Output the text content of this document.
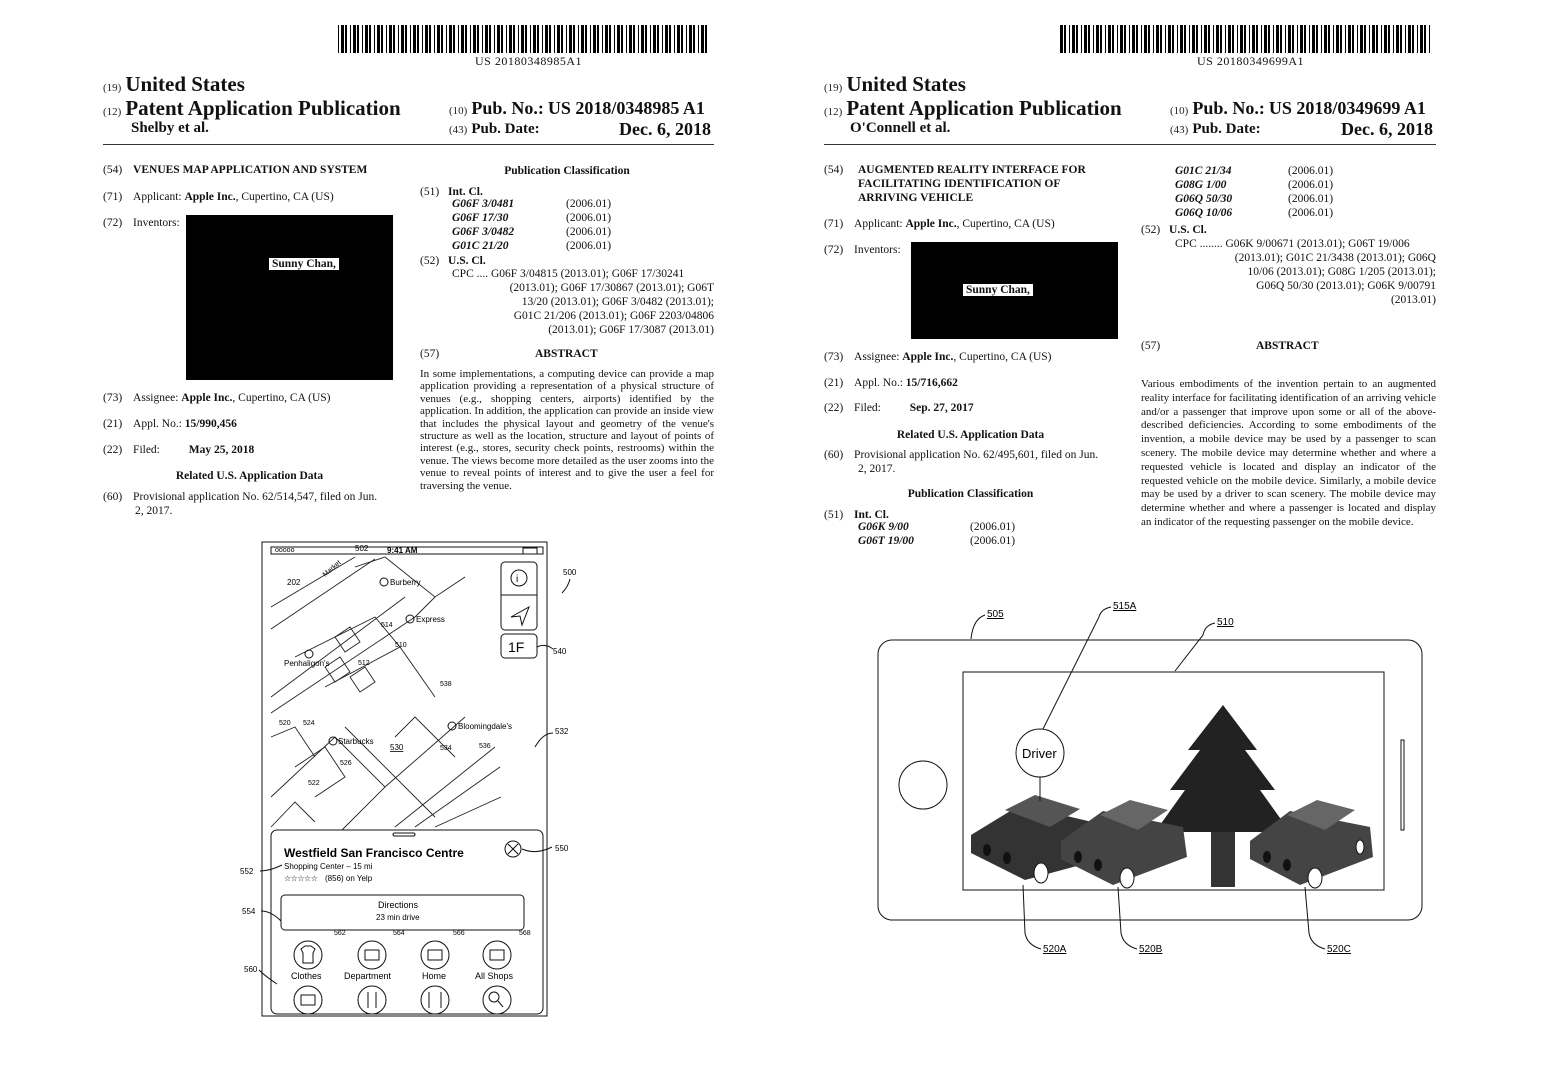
US 20180348985A1
(19) United States
(12) Patent Application Publication	(10) Pub. No.: US 2018/0348985 A1
Shelby et al.	(43) Pub. Date:	Dec. 6, 2018
(54) VENUES MAP APPLICATION AND SYSTEM
(71) Applicant: Apple Inc., Cupertino, CA (US)
(72) Inventors:
Sunny Chan,
(73) Assignee: Apple Inc., Cupertino, CA (US)
(21) Appl. No.: 15/990,456
(22) Filed:	May 25, 2018
Related U.S. Application Data
(60) Provisional application No. 62/514,547, filed on Jun.
2, 2017.
Publication Classification
(51) Int. Cl.
G06F 3/0481	(2006.01)
G06F 17/30	(2006.01)
G06F 3/0482	(2006.01)
G01C 21/20	(2006.01)
(52) U.S. Cl.
CPC .... G06F 3/04815 (2013.01); G06F 17/30241
(2013.01); G06F 17/30867 (2013.01); G06T
13/20 (2013.01); G06F 3/0482 (2013.01);
G01C 21/206 (2013.01); G06F 2203/04806
(2013.01); G06F 17/3087 (2013.01)
(57)	ABSTRACT
In some implementations, a computing device can provide a map application providing a representation of a physical structure of venues (e.g., shopping centers, airports) identified by the application. In addition, the application can provide an inside view that includes the physical layout and geometry of the venue's structure as well as the location, structure and layout of points of interest (e.g., stores, security check points, restrooms) within the venue. The views become more detailed as the user zooms into the venue to reveal points of interest and to give the user a feel for traversing the venue.
ooooo	9:41 AM
502
500
i
1F	540
202
Market
Burberry
Express
514
510
Penhaligon's	512
538
Bloomingdale's
532
520 524
Starbucks
530	534	536
526
522
550
Westfield San Francisco Centre
Shopping Center – 15 mi
☆☆☆☆☆ (856) on Yelp
552
Directions
23 min drive
554
562	564	566	568
Clothes Department	Home	All Shops
560
US 20180349699A1
(19) United States
(12) Patent Application Publication	(10) Pub. No.: US 2018/0349699 A1
O'Connell et al.	(43) Pub. Date:	Dec. 6, 2018
(54) AUGMENTED REALITY INTERFACE FOR
FACILITATING IDENTIFICATION OF
ARRIVING VEHICLE
(71) Applicant: Apple Inc., Cupertino, CA (US)
(72) Inventors:
Sunny Chan,
(73) Assignee: Apple Inc., Cupertino, CA (US)
(21) Appl. No.: 15/716,662
(22) Filed:	Sep. 27, 2017
Related U.S. Application Data
(60) Provisional application No. 62/495,601, filed on Jun.
2, 2017.
Publication Classification
(51) Int. Cl.
G06K 9/00	(2006.01)
G06T 19/00	(2006.01)
G01C 21/34	(2006.01)
G08G 1/00	(2006.01)
G06Q 50/30	(2006.01)
G06Q 10/06	(2006.01)
(52) U.S. Cl.
CPC ........ G06K 9/00671 (2013.01); G06T 19/006
(2013.01); G01C 21/3438 (2013.01); G06Q
10/06 (2013.01); G08G 1/205 (2013.01);
G06Q 50/30 (2013.01); G06K 9/00791
(2013.01)
(57)	ABSTRACT
Various embodiments of the invention pertain to an augmented reality interface for facilitating identification of an arriving vehicle and/or a passenger that improve upon some or all of the above-described deficiencies. According to some embodiments of the invention, a mobile device may be used by a passenger to scan scenery. The mobile device may determine whether and where a requested vehicle is located and display an indicator of the requested vehicle on the mobile device. Similarly, a mobile device may be used by a driver to scan scenery. The mobile device may determine whether and where a passenger is located and display an indicator of the requesting passenger on the mobile device.
Driver
505
515A
510
520A	520B	520C
